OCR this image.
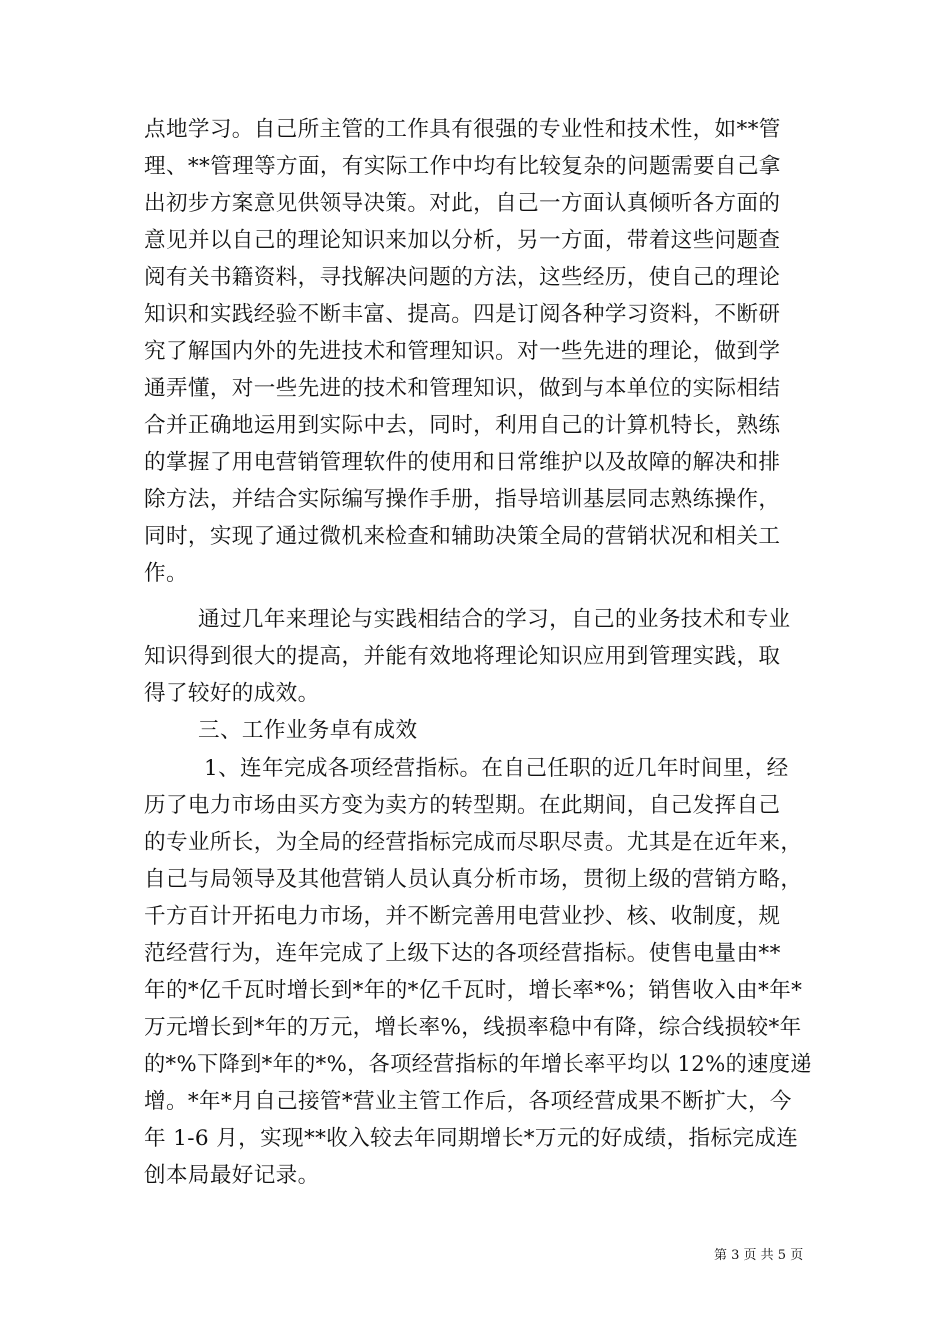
点地学习。自己所主管的工作具有很强的专业性和技术性，如**管
理、**管理等方面，有实际工作中均有比较复杂的问题需要自己拿
出初步方案意见供领导决策。对此，自己一方面认真倾听各方面的
意见并以自己的理论知识来加以分析，另一方面，带着这些问题查
阅有关书籍资料，寻找解决问题的方法，这些经历，使自己的理论
知识和实践经验不断丰富、提高。四是订阅各种学习资料，不断研
究了解国内外的先进技术和管理知识。对一些先进的理论，做到学
通弄懂，对一些先进的技术和管理知识，做到与本单位的实际相结
合并正确地运用到实际中去，同时，利用自己的计算机特长，熟练
的掌握了用电营销管理软件的使用和日常维护以及故障的解决和排
除方法，并结合实际编写操作手册，指导培训基层同志熟练操作，
同时，实现了通过微机来检查和辅助决策全局的营销状况和相关工
作。
通过几年来理论与实践相结合的学习，自己的业务技术和专业
知识得到很大的提高，并能有效地将理论知识应用到管理实践，取
得了较好的成效。
三、工作业务卓有成效
1、连年完成各项经营指标。在自己任职的近几年时间里，经
历了电力市场由买方变为卖方的转型期。在此期间，自己发挥自己
的专业所长，为全局的经营指标完成而尽职尽责。尤其是在近年来，
自己与局领导及其他营销人员认真分析市场，贯彻上级的营销方略，
千方百计开拓电力市场，并不断完善用电营业抄、核、收制度，规
范经营行为，连年完成了上级下达的各项经营指标。使售电量由**
年的*亿千瓦时增长到*年的*亿千瓦时，增长率*%；销售收入由*年*
万元增长到*年的万元，增长率%，线损率稳中有降，综合线损较*年
的*%下降到*年的*%，各项经营指标的年增长率平均以 12%的速度递
增。*年*月自己接管*营业主管工作后，各项经营成果不断扩大，今
年 1-6 月，实现**收入较去年同期增长*万元的好成绩，指标完成连
创本局最好记录。
第 3 页 共 5 页
